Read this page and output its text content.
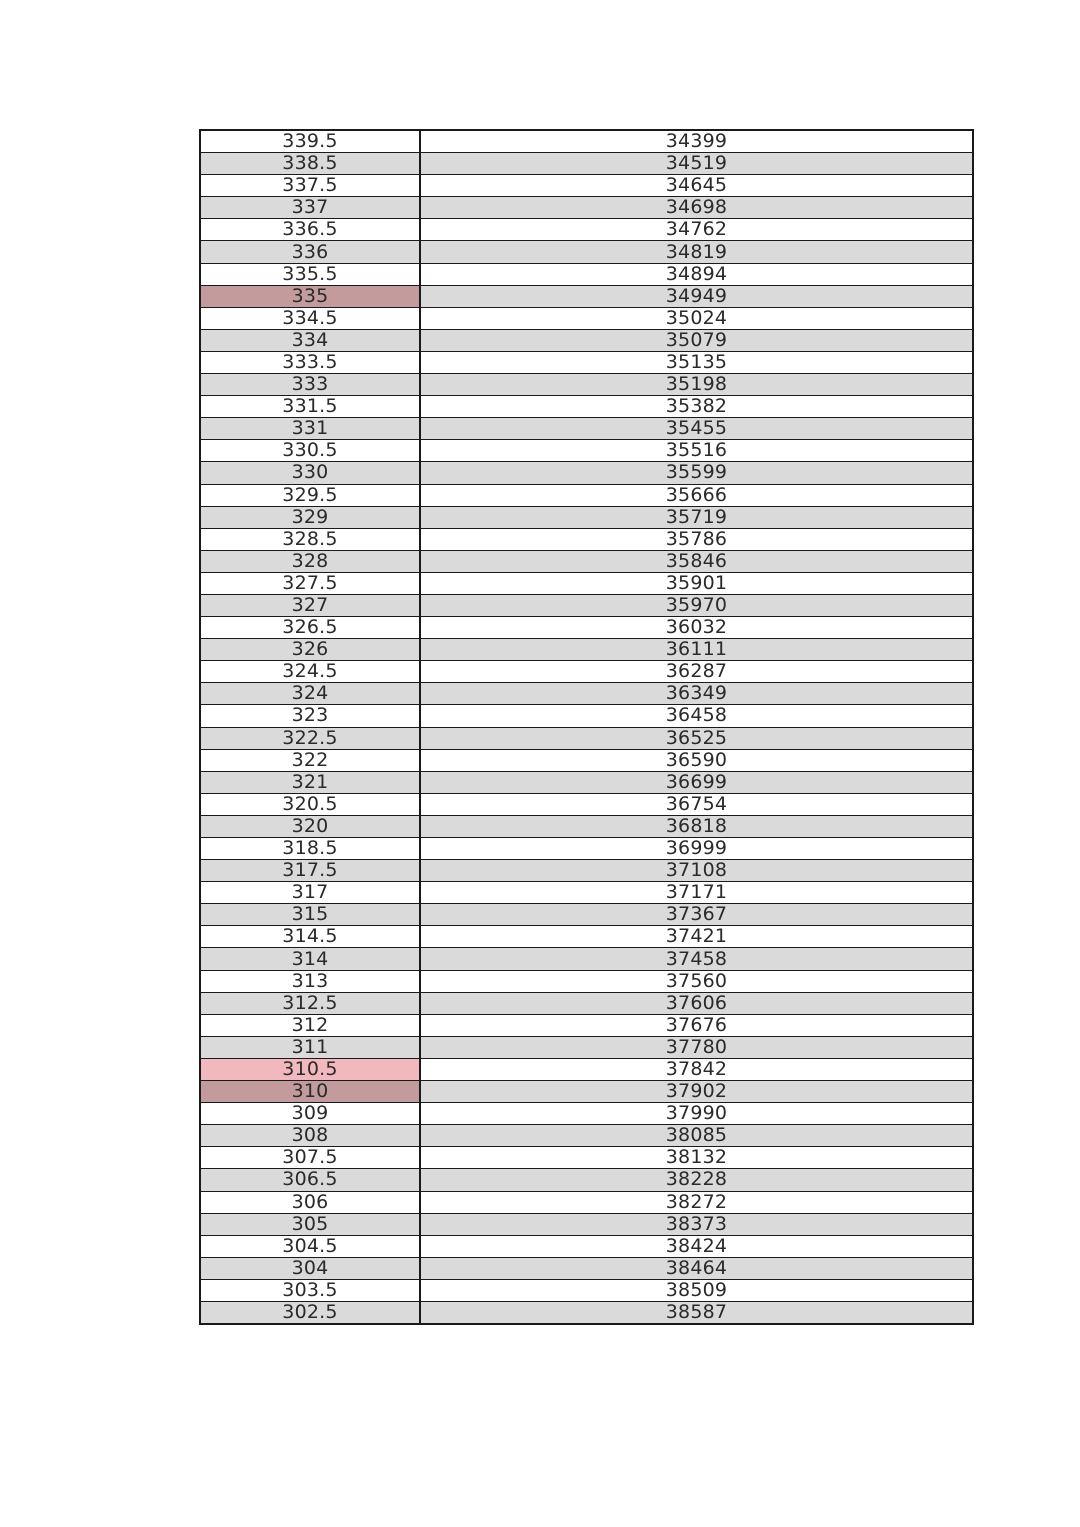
339.5	34399
338.5	34519
337.5	34645
337	34698
336.5	34762
336	34819
335.5	34894
335	34949
334.5	35024
334	35079
333.5	35135
333	35198
331.5	35382
331	35455
330.5	35516
330	35599
329.5	35666
329	35719
328.5	35786
328	35846
327.5	35901
327	35970
326.5	36032
326	36111
324.5	36287
324	36349
323	36458
322.5	36525
322	36590
321	36699
320.5	36754
320	36818
318.5	36999
317.5	37108
317	37171
315	37367
314.5	37421
314	37458
313	37560
312.5	37606
312	37676
311	37780
310.5	37842
310	37902
309	37990
308	38085
307.5	38132
306.5	38228
306	38272
305	38373
304.5	38424
304	38464
303.5	38509
302.5	38587
